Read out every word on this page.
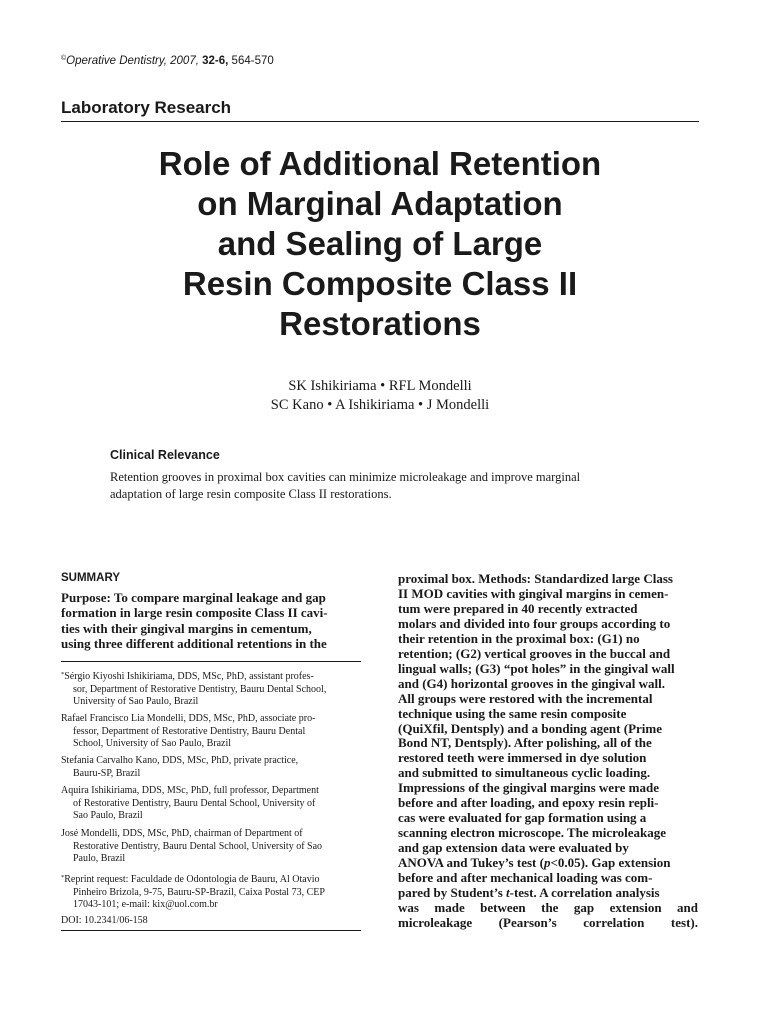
©Operative Dentistry, 2007, 32-6, 564-570
Laboratory Research
Role of Additional Retention
on Marginal Adaptation
and Sealing of Large
Resin Composite Class II
Restorations
SK Ishikiriama • RFL Mondelli
SC Kano • A Ishikiriama • J Mondelli
Clinical Relevance
Retention grooves in proximal box cavities can minimize microleakage and improve marginal
adaptation of large resin composite Class II restorations.
SUMMARY
Purpose: To compare marginal leakage and gap
formation in large resin composite Class II cavi-
ties with their gingival margins in cementum,
using three different additional retentions in the
*Sérgio Kiyoshi Ishikiriama, DDS, MSc, PhD, assistant profes-
sor, Department of Restorative Dentistry, Bauru Dental School,
University of Sao Paulo, Brazil
Rafael Francisco Lia Mondelli, DDS, MSc, PhD, associate pro-
fessor, Department of Restorative Dentistry, Bauru Dental
School, University of Sao Paulo, Brazil
Stefania Carvalho Kano, DDS, MSc, PhD, private practice,
Bauru-SP, Brazil
Aquira Ishikiriama, DDS, MSc, PhD, full professor, Department
of Restorative Dentistry, Bauru Dental School, University of
Sao Paulo, Brazil
José Mondelli, DDS, MSc, PhD, chairman of Department of
Restorative Dentistry, Bauru Dental School, University of Sao
Paulo, Brazil
*Reprint request: Faculdade de Odontologia de Bauru, Al Otavio
Pinheiro Brizola, 9-75, Bauru-SP-Brazil, Caixa Postal 73, CEP
17043-101; e-mail: kix@uol.com.br
DOI: 10.2341/06-158
proximal box. Methods: Standardized large Class
II MOD cavities with gingival margins in cemen-
tum were prepared in 40 recently extracted
molars and divided into four groups according to
their retention in the proximal box: (G1) no
retention; (G2) vertical grooves in the buccal and
lingual walls; (G3) “pot holes” in the gingival wall
and (G4) horizontal grooves in the gingival wall.
All groups were restored with the incremental
technique using the same resin composite
(QuiXfil, Dentsply) and a bonding agent (Prime
Bond NT, Dentsply). After polishing, all of the
restored teeth were immersed in dye solution
and submitted to simultaneous cyclic loading.
Impressions of the gingival margins were made
before and after loading, and epoxy resin repli-
cas were evaluated for gap formation using a
scanning electron microscope. The microleakage
and gap extension data were evaluated by
ANOVA and Tukey’s test (p<0.05). Gap extension
before and after mechanical loading was com-
pared by Student’s t-test. A correlation analysis
was made between the gap extension and
microleakage (Pearson’s correlation test).
